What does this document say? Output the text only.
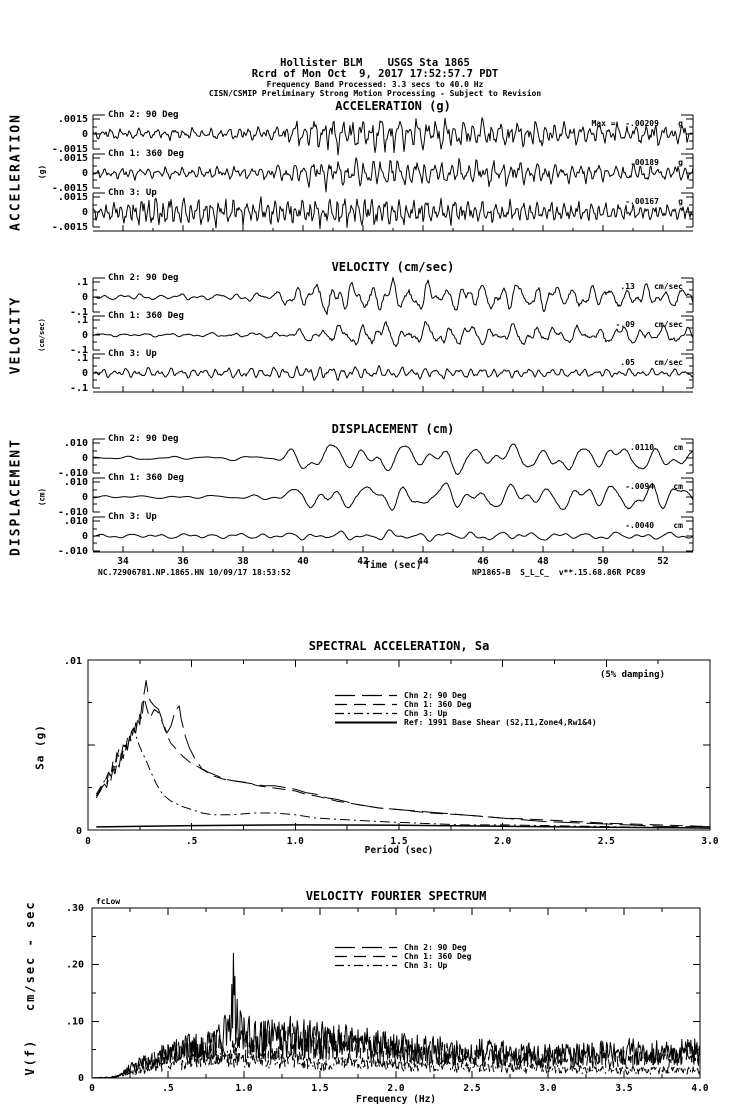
.0015
0
-.0015
.0015
0
-.0015
.0015
0
-.0015
.1
0
-.1
.1
0
-.1
.1
0
-.1
.010
0
-.010
.010
0
-.010
.010
0
-.010
34	36	38	40	42	44	46	48	50	52
.01
0
0	.5	1.0	1.5	2.0	2.5	3.0
.30
.20
.10
0
0	.5	1.0	1.5	2.0	2.5	3.0	3.5	4.0
Hollister BLM    USGS Sta 1865
Rcrd of Mon Oct  9, 2017 17:52:57.7 PDT
Frequency Band Processed: 3.3 secs to 40.0 Hz
CISN/CSMIP Preliminary Strong Motion Processing - Subject to Revision
ACCELERATION (g)
ACCELERATION (g)
Chn 2: 90 Deg
Chn 1: 360 Deg
Chn 3: Up
Max =  -.00209    g
.00189    g
-.00167    g
VELOCITY (cm/sec)
VELOCITY (cm/sec)
Chn 2: 90 Deg
Chn 1: 360 Deg
Chn 3: Up
.13    cm/sec
-.09    cm/sec
.05    cm/sec
DISPLACEMENT (cm)
DISPLACEMENT (cm)
Chn 2: 90 Deg
Chn 1: 360 Deg
Chn 3: Up
.0110    cm
-.0094    cm
-.0040    cm
Time (sec)
NC.72906781.NP.1865.HN 10/09/17 18:53:52	NP1865-B  S_L_C_  v**.15.68.86R PC89
SPECTRAL ACCELERATION, Sa
(5% damping)
Sa (g)
Period (sec)
Chn 2: 90 Deg
Chn 1: 360 Deg
Chn 3: Up
Ref: 1991 Base Shear (S2,I1,Zone4,Rw1&4)
VELOCITY FOURIER SPECTRUM
fcLow
V(f)   cm/sec - sec
Frequency (Hz)
Chn 2: 90 Deg
Chn 1: 360 Deg
Chn 3: Up
